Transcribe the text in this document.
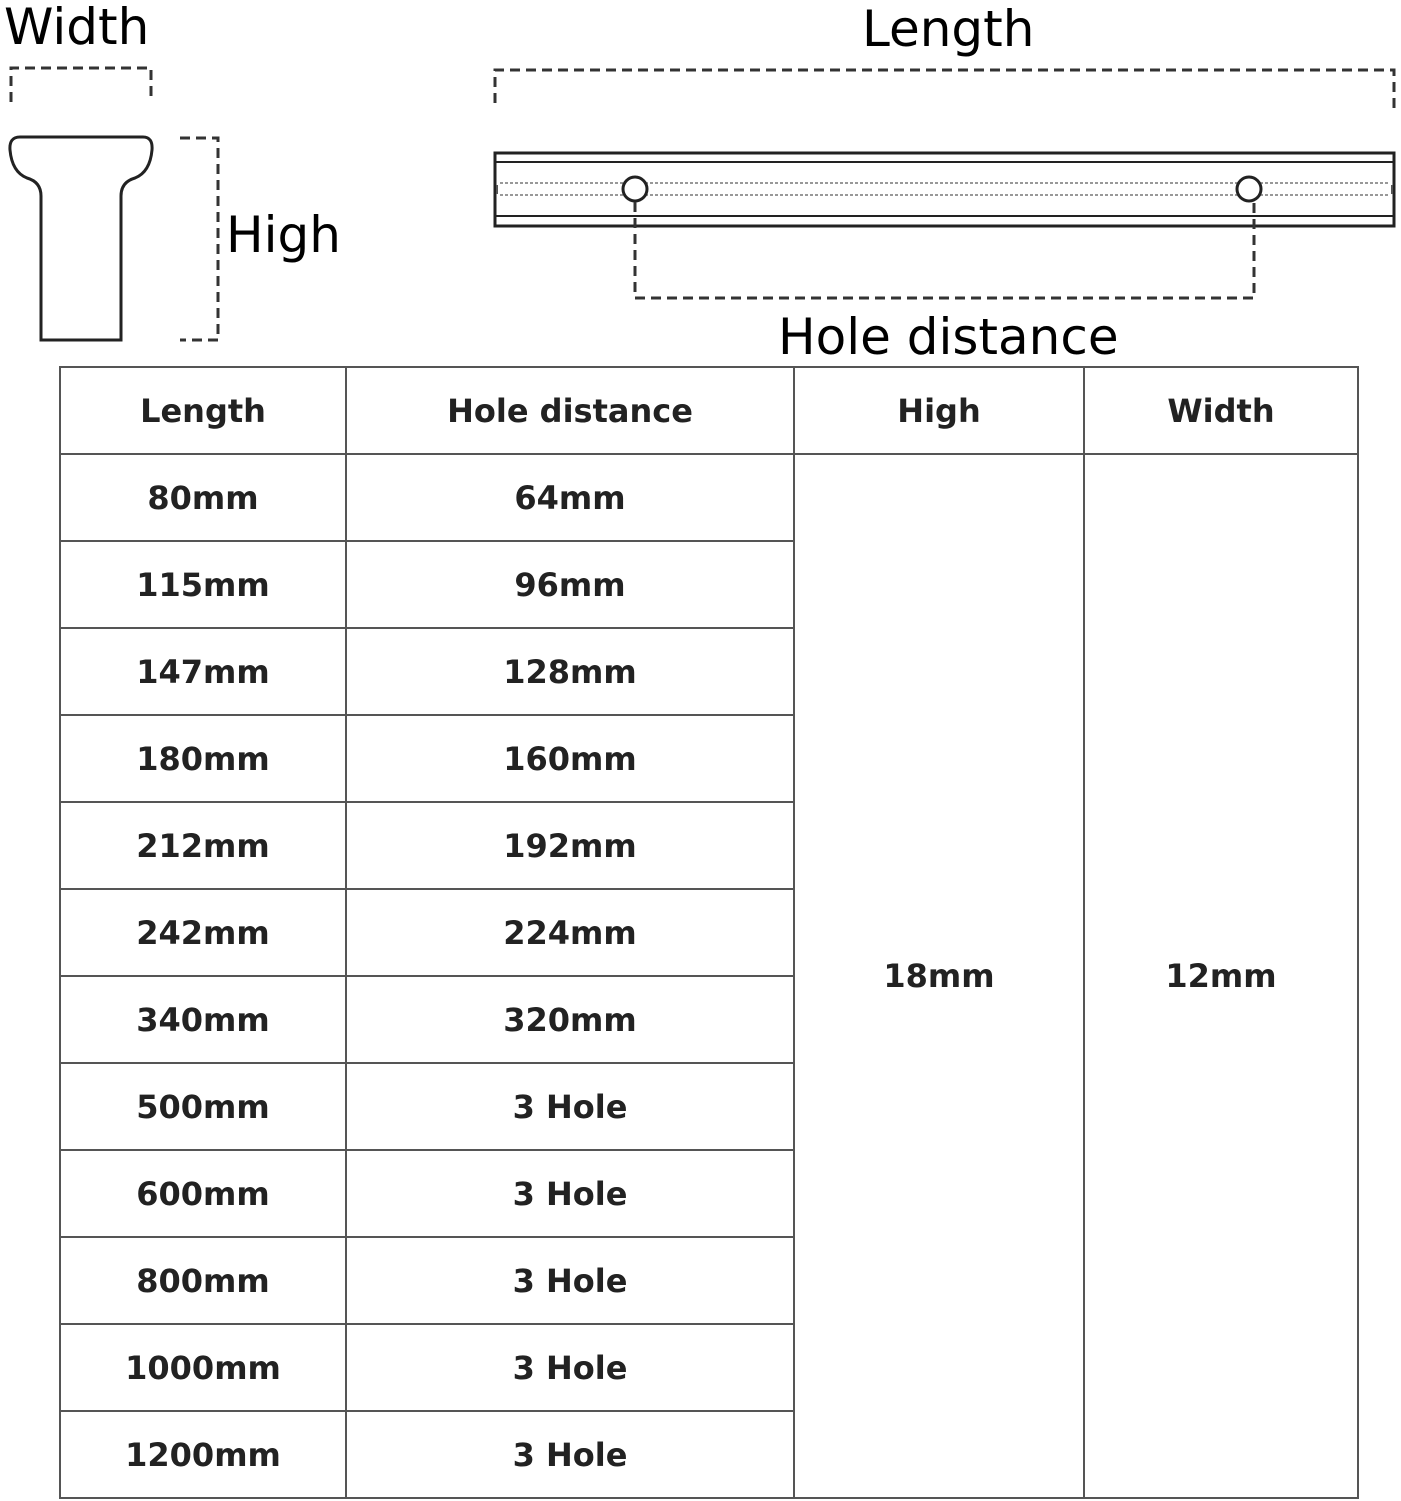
Width
High
Length
Hole distance
Length	Hole distance	High	Width
80mm	64mm	18mm	12mm
115mm	96mm		
147mm	128mm		
180mm	160mm		
212mm	192mm		
242mm	224mm		
340mm	320mm		
500mm	3 Hole		
600mm	3 Hole		
800mm	3 Hole		
1000mm	3 Hole		
1200mm	3 Hole		
